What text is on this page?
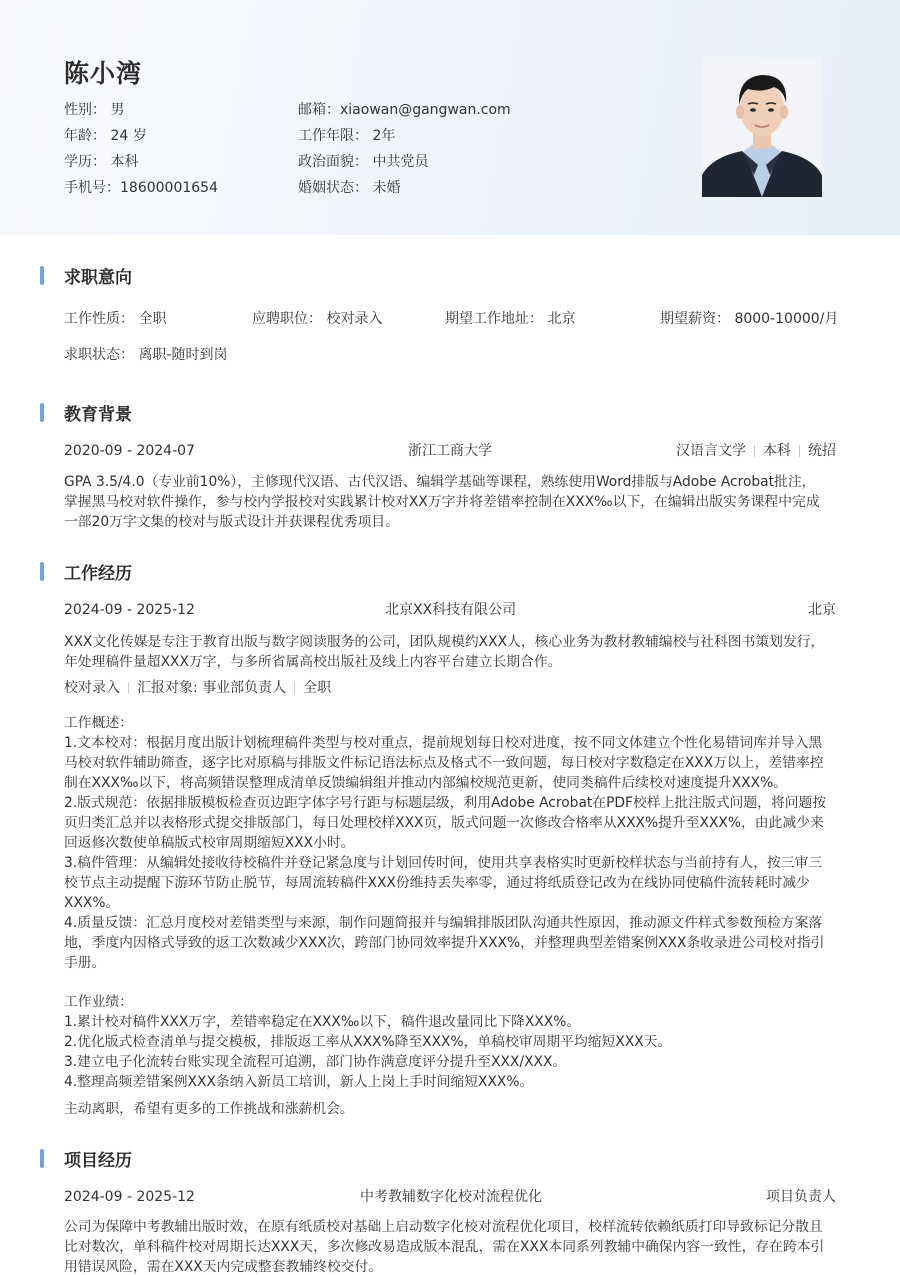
陈小湾
性别： 男	邮箱：xiaowan@gangwan.com
年龄： 24 岁	工作年限： 2年
学历： 本科	政治面貌： 中共党员
手机号：18600001654	婚姻状态： 未婚
求职意向
工作性质： 全职	应聘职位： 校对录入	期望工作地址： 北京	期望薪资： 8000-10000/月
求职状态： 离职-随时到岗
教育背景
2020-09 - 2024-07	浙江工商大学	汉语言文学 本科 统招
GPA 3.5/4.0（专业前10%），主修现代汉语、古代汉语、编辑学基础等课程，熟练使用Word排版与Adobe Acrobat批注，
掌握黑马校对软件操作，参与校内学报校对实践累计校对XX万字并将差错率控制在XXX‰以下，在编辑出版实务课程中完成
一部20万字文集的校对与版式设计并获课程优秀项目。
工作经历
2024-09 - 2025-12	北京XX科技有限公司	北京
XXX文化传媒是专注于教育出版与数字阅读服务的公司，团队规模约XXX人，核心业务为教材教辅编校与社科图书策划发行，
年处理稿件量超XXX万字，与多所省属高校出版社及线上内容平台建立长期合作。
校对录入 汇报对象: 事业部负责人 全职
工作概述：
1.文本校对：根据月度出版计划梳理稿件类型与校对重点，提前规划每日校对进度，按不同文体建立个性化易错词库并导入黑
马校对软件辅助筛查，逐字比对原稿与排版文件标记语法标点及格式不一致问题，每日校对字数稳定在XXX万以上，差错率控
制在XXX‰以下，将高频错误整理成清单反馈编辑组并推动内部编校规范更新，使同类稿件后续校对速度提升XXX%。
2.版式规范：依据排版模板检查页边距字体字号行距与标题层级，利用Adobe Acrobat在PDF校样上批注版式问题，将问题按
页归类汇总并以表格形式提交排版部门，每日处理校样XXX页，版式问题一次修改合格率从XXX%提升至XXX%，由此减少来
回返修次数使单稿版式校审周期缩短XXX小时。
3.稿件管理：从编辑处接收待校稿件并登记紧急度与计划回传时间，使用共享表格实时更新校样状态与当前持有人，按三审三
校节点主动提醒下游环节防止脱节，每周流转稿件XXX份维持丢失率零，通过将纸质登记改为在线协同使稿件流转耗时减少
XXX%。
4.质量反馈：汇总月度校对差错类型与来源，制作问题简报并与编辑排版团队沟通共性原因，推动源文件样式参数预检方案落
地，季度内因格式导致的返工次数减少XXX次，跨部门协同效率提升XXX%，并整理典型差错案例XXX条收录进公司校对指引
手册。
工作业绩：
1.累计校对稿件XXX万字，差错率稳定在XXX‰以下，稿件退改量同比下降XXX%。
2.优化版式检查清单与提交模板，排版返工率从XXX%降至XXX%，单稿校审周期平均缩短XXX天。
3.建立电子化流转台账实现全流程可追溯，部门协作满意度评分提升至XXX/XXX。
4.整理高频差错案例XXX条纳入新员工培训，新人上岗上手时间缩短XXX%。
主动离职，希望有更多的工作挑战和涨薪机会。
项目经历
2024-09 - 2025-12	中考教辅数字化校对流程优化	项目负责人
公司为保障中考教辅出版时效，在原有纸质校对基础上启动数字化校对流程优化项目，校样流转依赖纸质打印导致标记分散且
比对数次，单科稿件校对周期长达XXX天，多次修改易造成版本混乱，需在XXX本同系列教辅中确保内容一致性，存在跨本引
用错误风险，需在XXX天内完成整套教辅终校交付。
